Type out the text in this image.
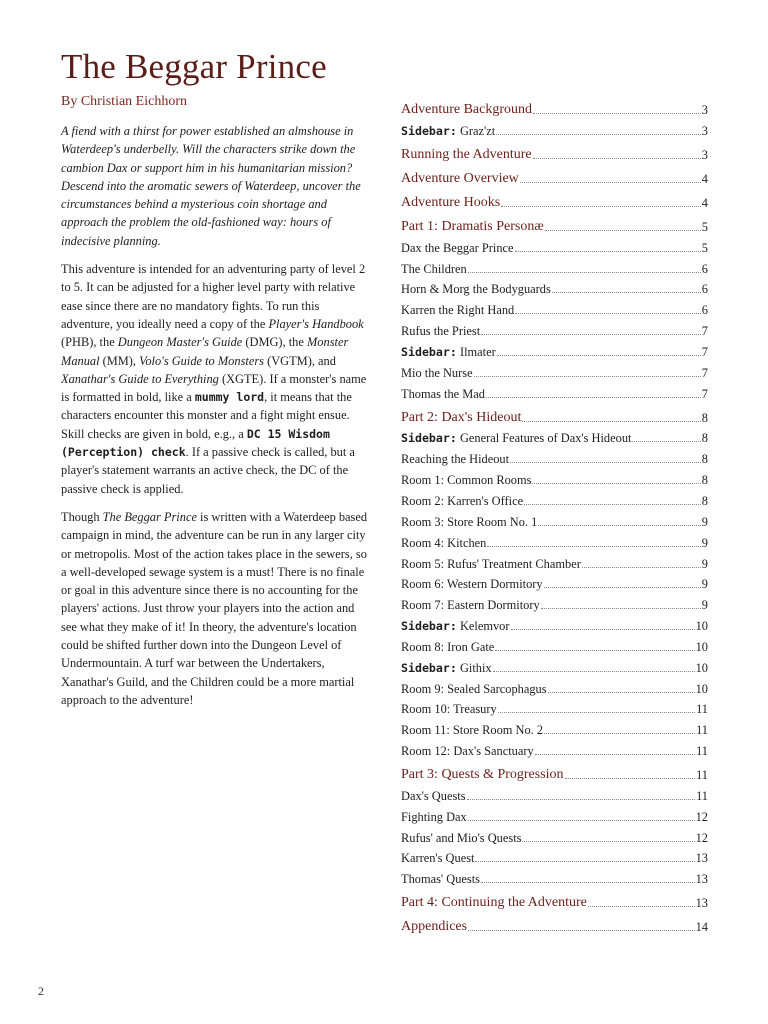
The Beggar Prince
By Christian Eichhorn

A fiend with a thirst for power established an almshouse in Waterdeep's underbelly. Will the characters strike down the cambion Dax or support him in his humanitarian mission? Descend into the aromatic sewers of Waterdeep, uncover the circumstances behind a mysterious coin shortage and approach the problem the old-fashioned way: hours of indecisive planning.

This adventure is intended for an adventuring party of level 2 to 5. It can be adjusted for a higher level party with relative ease since there are no mandatory fights. To run this adventure, you ideally need a copy of the Player's Handbook (PHB), the Dungeon Master's Guide (DMG), the Monster Manual (MM), Volo's Guide to Monsters (VGTM), and Xanathar's Guide to Everything (XGTE). If a monster's name is formatted in bold, like a mummy lord, it means that the characters encounter this monster and a fight might ensue. Skill checks are given in bold, e.g., a DC 15 Wisdom (Perception) check. If a passive check is called, but a player's statement warrants an active check, the DC of the passive check is applied.

Though The Beggar Prince is written with a Waterdeep based campaign in mind, the adventure can be run in any larger city or metropolis. Most of the action takes place in the sewers, so a well-developed sewage system is a must! There is no finale or goal in this adventure since there is no accounting for the players' actions. Just throw your players into the action and see what they make of it! In theory, the adventure's location could be shifted further down into the Dungeon Level of Undermountain. A turf war between the Undertakers, Xanathar's Guild, and the Children could be a more martial approach to the adventure!

Adventure Background	3
Sidebar: Graz'zt	3
Running the Adventure	3
Adventure Overview	4
Adventure Hooks	4
Part 1: Dramatis Personæ	5
Dax the Beggar Prince	5
The Children	6
Horn & Morg the Bodyguards	6
Karren the Right Hand	6
Rufus the Priest	7
Sidebar: Ilmater	7
Mio the Nurse	7
Thomas the Mad	7
Part 2: Dax's Hideout	8
Sidebar: General Features of Dax's Hideout	8
Reaching the Hideout	8
Room 1: Common Rooms	8
Room 2: Karren's Office	8
Room 3: Store Room No. 1	9
Room 4: Kitchen	9
Room 5: Rufus' Treatment Chamber	9
Room 6: Western Dormitory	9
Room 7: Eastern Dormitory	9
Sidebar: Kelemvor	10
Room 8: Iron Gate	10
Sidebar: Githix	10
Room 9: Sealed Sarcophagus	10
Room 10: Treasury	11
Room 11: Store Room No. 2	11
Room 12: Dax's Sanctuary	11
Part 3: Quests & Progression	11
Dax's Quests	11
Fighting Dax	12
Rufus' and Mio's Quests	12
Karren's Quest	13
Thomas' Quests	13
Part 4: Continuing the Adventure	13
Appendices	14
2
